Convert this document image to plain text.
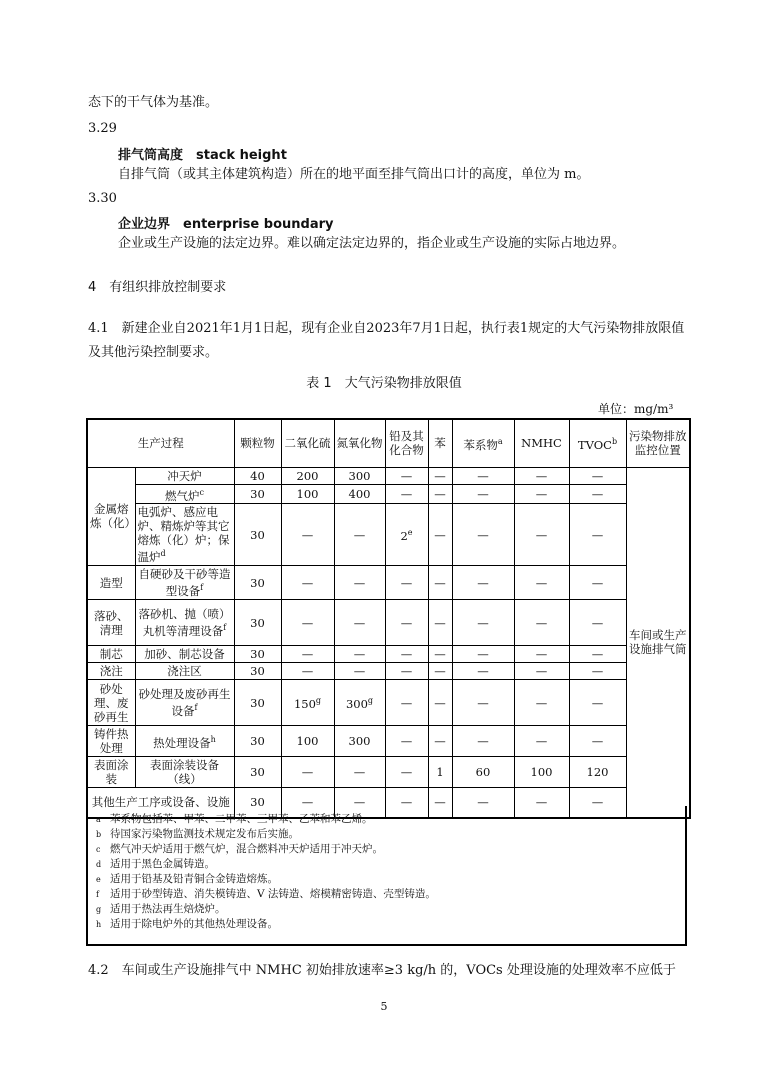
态下的干气体为基准。
3.29
排气筒高度　stack height
自排气筒（或其主体建筑构造）所在的地平面至排气筒出口计的高度，单位为 m。
3.30
企业边界　enterprise boundary
企业或生产设施的法定边界。难以确定法定边界的，指企业或生产设施的实际占地边界。
4　有组织排放控制要求
4.1　新建企业自2021年1月1日起，现有企业自2023年7月1日起，执行表1规定的大气污染物排放限值
及其他污染控制要求。
表 1　大气污染物排放限值
单位：mg/m³
生产过程		颗粒物	二氧化硫	氮氧化物	铅及其化合物	苯	苯系物$^a$	NMHC	TVOC$^b$	污染物排放监控位置
金属熔炼（化）	冲天炉	40	200	300	—	—	—	—	—	车间或生产设施排气筒
	燃气炉$^c$	30	100	400	—	—	—	—	—	
	电弧炉、感应电炉、精炼炉等其它熔炼（化）炉；保温炉$^d$	30	—	—	2e	—	—	—	—	
造型	自硬砂及干砂等造型设备$^f$	30	—	—	—	—	—	—	—	
落砂、清理	落砂机、抛（喷）丸机等清理设备$^f$	30	—	—	—	—	—	—	—	
制芯	加砂、制芯设备	30	—	—	—	—	—	—	—	
浇注	浇注区	30	—	—	—	—	—	—	—	
砂处理、废砂再生	砂处理及废砂再生设备$^f$	30	150$^g$	300$^g$	—	—	—	—	—	
铸件热处理	热处理设备$^h$	30	100	300	—	—	—	—	—	
表面涂装	表面涂装设备（线）	30	—	—	—	1	60	100	120	
其他生产工序或设备、设施		30	—	—	—	—	—	—	—	
a 苯系物包括苯、甲苯、二甲苯、三甲苯、乙苯和苯乙烯。
b 待国家污染物监测技术规定发布后实施。
c 燃气冲天炉适用于燃气炉，混合燃料冲天炉适用于冲天炉。
d 适用于黑色金属铸造。
e 适用于铅基及铅青铜合金铸造熔炼。
f	适用于砂型铸造、消失模铸造、V 法铸造、熔模精密铸造、壳型铸造。
g 适用于热法再生焙烧炉。
h 适用于除电炉外的其他热处理设备。
4.2　车间或生产设施排气中 NMHC 初始排放速率≥3 kg/h 的，VOCs 处理设施的处理效率不应低于
5
